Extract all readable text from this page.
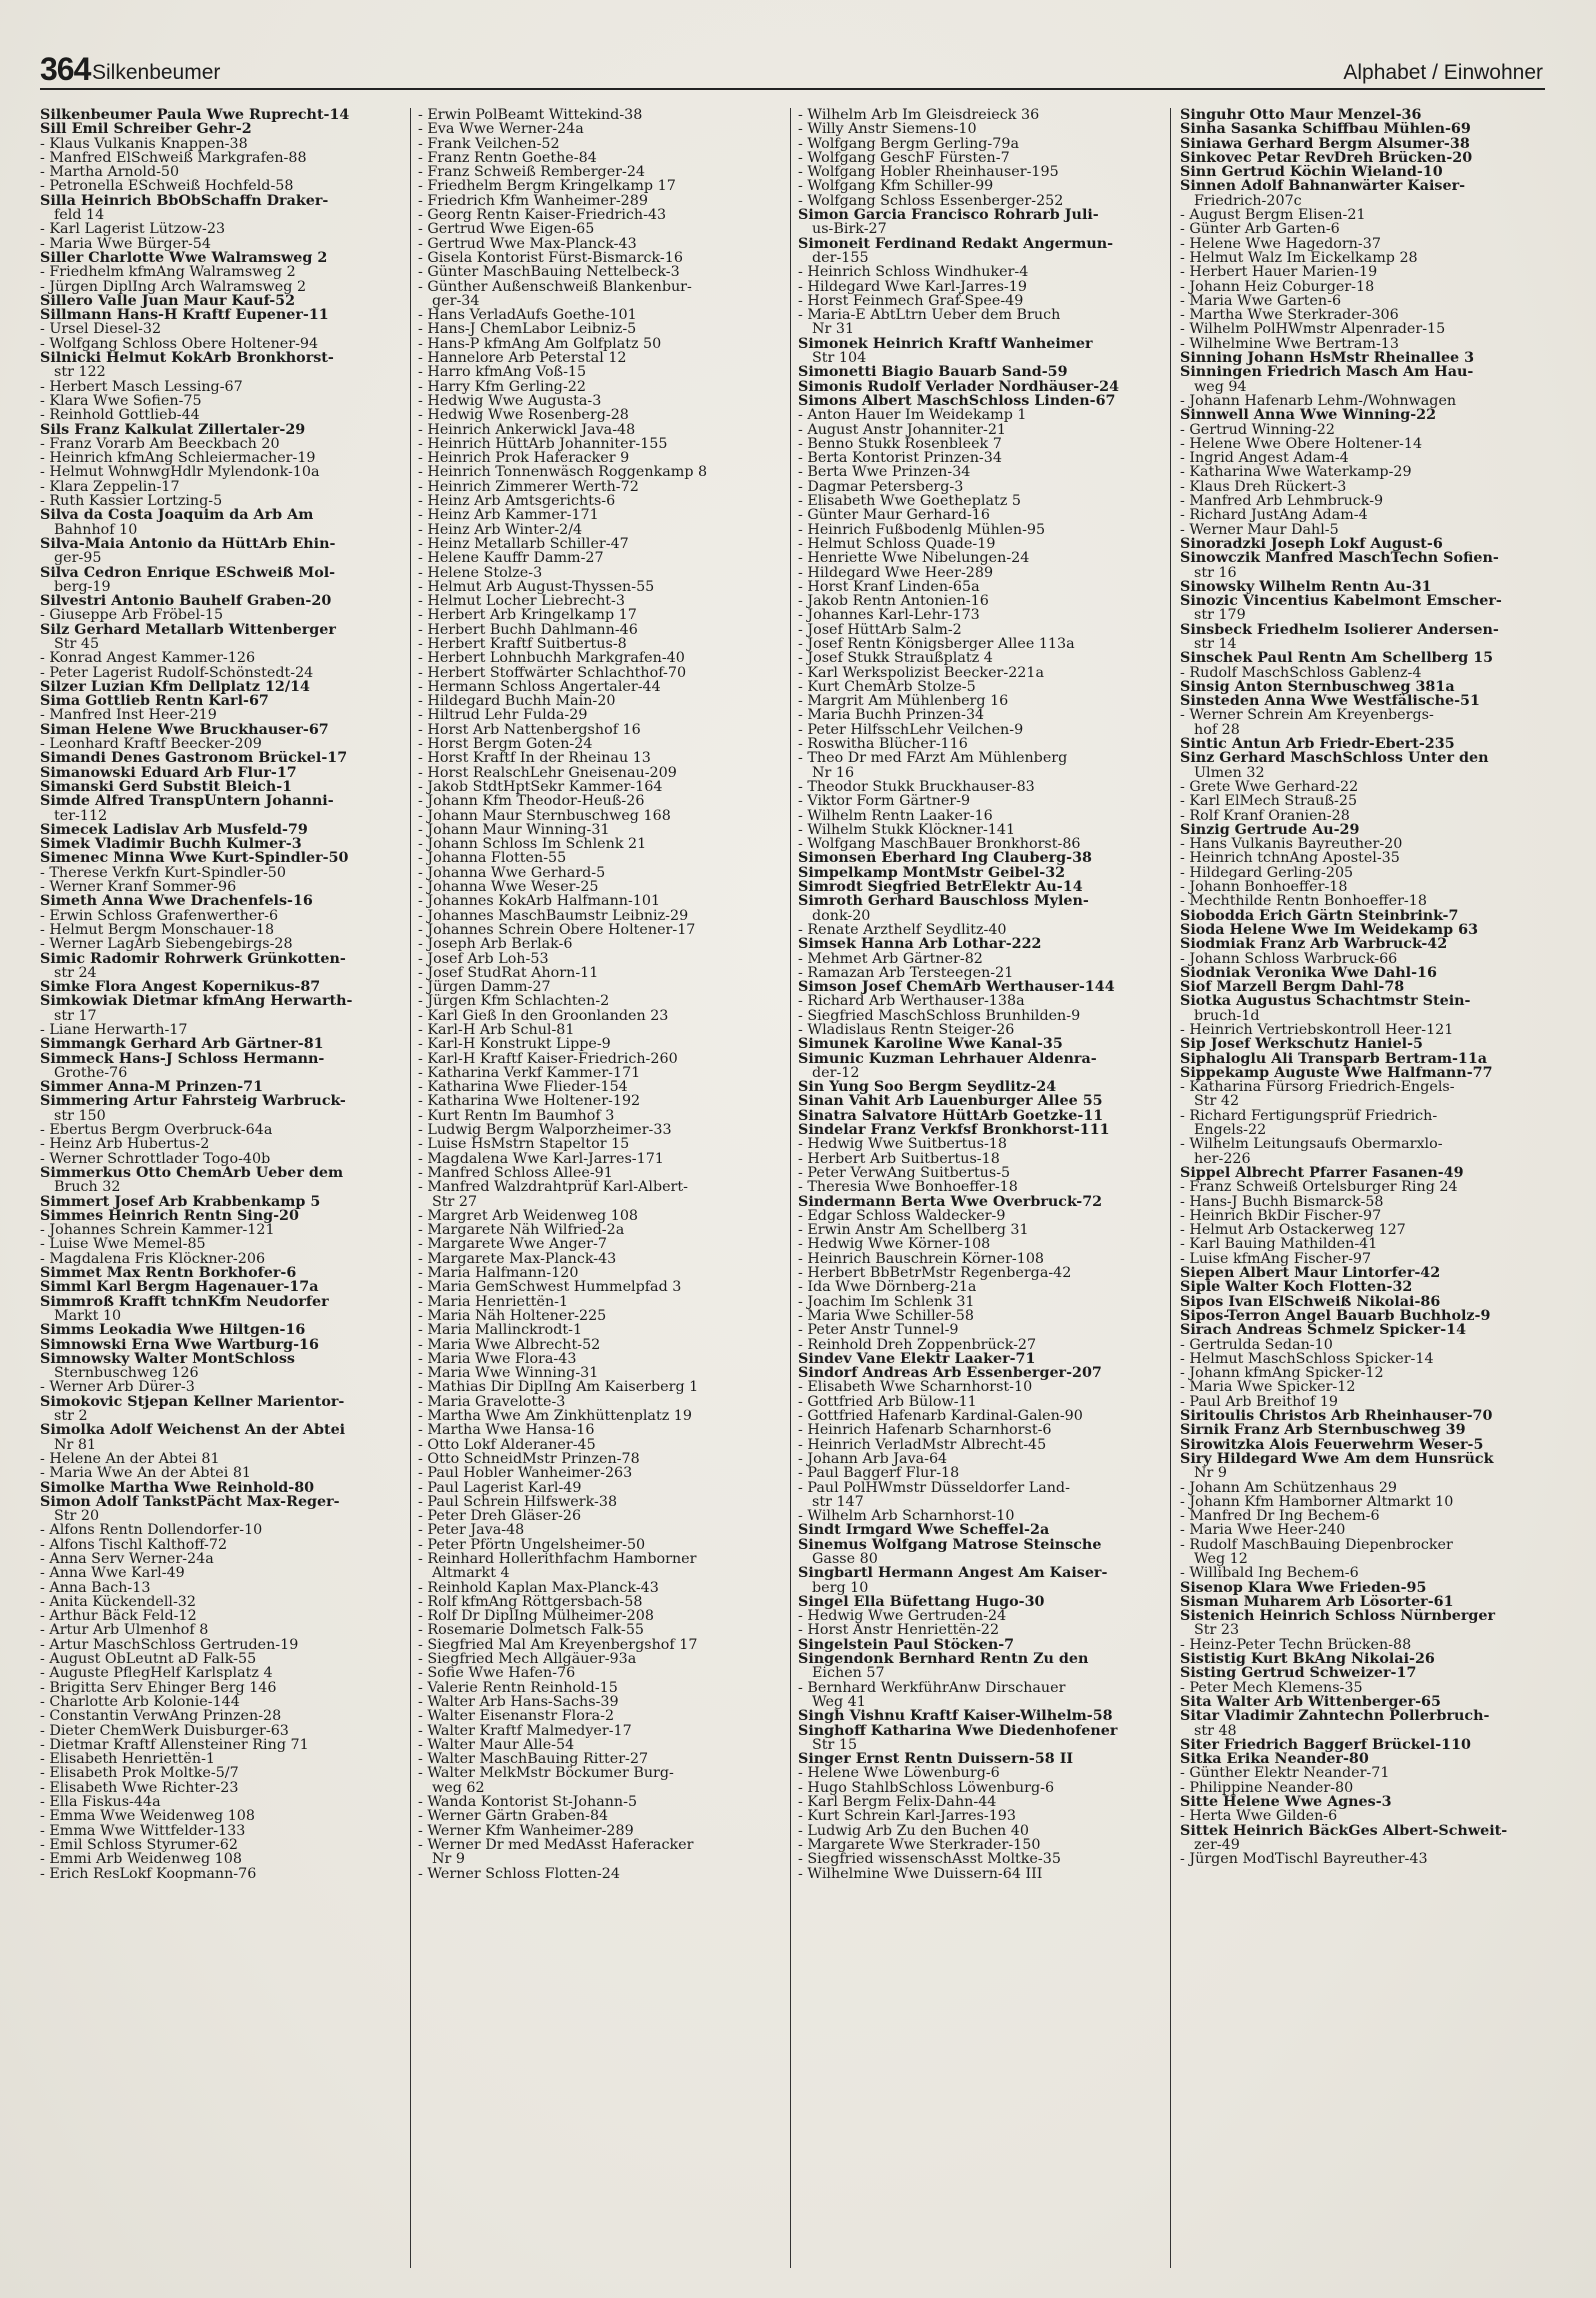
364 Silkenbeumer	Alphabet / Einwohner
Silkenbeumer Paula Wwe Ruprecht-14
Sill Emil Schreiber Gehr-2
- Klaus Vulkanis Knappen-38
- Manfred ElSchweiß Markgrafen-88
- Martha Arnold-50
- Petronella ESchweiß Hochfeld-58
Silla Heinrich BbObSchaffn Draker-
feld 14
- Karl Lagerist Lützow-23
- Maria Wwe Bürger-54
Siller Charlotte Wwe Walramsweg 2
- Friedhelm kfmAng Walramsweg 2
- Jürgen DiplIng Arch Walramsweg 2
Sillero Valle Juan Maur Kauf-52
Sillmann Hans-H Kraftf Eupener-11
- Ursel Diesel-32
- Wolfgang Schloss Obere Holtener-94
Silnicki Helmut KokArb Bronkhorst-
str 122
- Herbert Masch Lessing-67
- Klara Wwe Sofien-75
- Reinhold Gottlieb-44
Sils Franz Kalkulat Zillertaler-29
- Franz Vorarb Am Beeckbach 20
- Heinrich kfmAng Schleiermacher-19
- Helmut WohnwgHdlr Mylendonk-10a
- Klara Zeppelin-17
- Ruth Kassier Lortzing-5
Silva da Costa Joaquim da Arb Am
Bahnhof 10
Silva-Maia Antonio da HüttArb Ehin-
ger-95
Silva Cedron Enrique ESchweiß Mol-
berg-19
Silvestri Antonio Bauhelf Graben-20
- Giuseppe Arb Fröbel-15
Silz Gerhard Metallarb Wittenberger
Str 45
- Konrad Angest Kammer-126
- Peter Lagerist Rudolf-Schönstedt-24
Silzer Luzian Kfm Dellplatz 12/14
Sima Gottlieb Rentn Karl-67
- Manfred Inst Heer-219
Siman Helene Wwe Bruckhauser-67
- Leonhard Kraftf Beecker-209
Simandi Denes Gastronom Brückel-17
Simanowski Eduard Arb Flur-17
Simanski Gerd Substit Bleich-1
Simde Alfred TranspUntern Johanni-
ter-112
Simecek Ladislav Arb Musfeld-79
Simek Vladimir Buchh Kulmer-3
Simenec Minna Wwe Kurt-Spindler-50
- Therese Verkfn Kurt-Spindler-50
- Werner Kranf Sommer-96
Simeth Anna Wwe Drachenfels-16
- Erwin Schloss Grafenwerther-6
- Helmut Bergm Monschauer-18
- Werner LagArb Siebengebirgs-28
Simic Radomir Rohrwerk Grünkotten-
str 24
Simke Flora Angest Kopernikus-87
Simkowiak Dietmar kfmAng Herwarth-
str 17
- Liane Herwarth-17
Simmangk Gerhard Arb Gärtner-81
Simmeck Hans-J Schloss Hermann-
Grothe-76
Simmer Anna-M Prinzen-71
Simmering Artur Fahrsteig Warbruck-
str 150
- Ebertus Bergm Overbruck-64a
- Heinz Arb Hubertus-2
- Werner Schrottlader Togo-40b
Simmerkus Otto ChemArb Ueber dem
Bruch 32
Simmert Josef Arb Krabbenkamp 5
Simmes Heinrich Rentn Sing-20
- Johannes Schrein Kammer-121
- Luise Wwe Memel-85
- Magdalena Fris Klöckner-206
Simmet Max Rentn Borkhofer-6
Simml Karl Bergm Hagenauer-17a
Simmroß Krafft tchnKfm Neudorfer
Markt 10
Simms Leokadia Wwe Hiltgen-16
Simnowski Erna Wwe Wartburg-16
Simnowsky Walter MontSchloss
Sternbuschweg 126
- Werner Arb Dürer-3
Simokovic Stjepan Kellner Marientor-
str 2
Simolka Adolf Weichenst An der Abtei
Nr 81
- Helene An der Abtei 81
- Maria Wwe An der Abtei 81
Simolke Martha Wwe Reinhold-80
Simon Adolf TankstPächt Max-Reger-
Str 20
- Alfons Rentn Dollendorfer-10
- Alfons Tischl Kalthoff-72
- Anna Serv Werner-24a
- Anna Wwe Karl-49
- Anna Bach-13
- Anita Kückendell-32
- Arthur Bäck Feld-12
- Artur Arb Ulmenhof 8
- Artur MaschSchloss Gertruden-19
- August ObLeutnt aD Falk-55
- Auguste PflegHelf Karlsplatz 4
- Brigitta Serv Ehinger Berg 146
- Charlotte Arb Kolonie-144
- Constantin VerwAng Prinzen-28
- Dieter ChemWerk Duisburger-63
- Dietmar Kraftf Allensteiner Ring 71
- Elisabeth Henriettën-1
- Elisabeth Prok Moltke-5/7
- Elisabeth Wwe Richter-23
- Ella Fiskus-44a
- Emma Wwe Weidenweg 108
- Emma Wwe Wittfelder-133
- Emil Schloss Styrumer-62
- Emmi Arb Weidenweg 108
- Erich ResLokf Koopmann-76
- Erwin PolBeamt Wittekind-38
- Eva Wwe Werner-24a
- Frank Veilchen-52
- Franz Rentn Goethe-84
- Franz Schweiß Remberger-24
- Friedhelm Bergm Kringelkamp 17
- Friedrich Kfm Wanheimer-289
- Georg Rentn Kaiser-Friedrich-43
- Gertrud Wwe Eigen-65
- Gertrud Wwe Max-Planck-43
- Gisela Kontorist Fürst-Bismarck-16
- Günter MaschBauing Nettelbeck-3
- Günther Außenschweiß Blankenbur-
ger-34
- Hans VerladAufs Goethe-101
- Hans-J ChemLabor Leibniz-5
- Hans-P kfmAng Am Golfplatz 50
- Hannelore Arb Peterstal 12
- Harro kfmAng Voß-15
- Harry Kfm Gerling-22
- Hedwig Wwe Augusta-3
- Hedwig Wwe Rosenberg-28
- Heinrich Ankerwickl Java-48
- Heinrich HüttArb Johanniter-155
- Heinrich Prok Haferacker 9
- Heinrich Tonnenwäsch Roggenkamp 8
- Heinrich Zimmerer Werth-72
- Heinz Arb Amtsgerichts-6
- Heinz Arb Kammer-171
- Heinz Arb Winter-2/4
- Heinz Metallarb Schiller-47
- Helene Kauffr Damm-27
- Helene Stolze-3
- Helmut Arb August-Thyssen-55
- Helmut Locher Liebrecht-3
- Herbert Arb Kringelkamp 17
- Herbert Buchh Dahlmann-46
- Herbert Kraftf Suitbertus-8
- Herbert Lohnbuchh Markgrafen-40
- Herbert Stoffwärter Schlachthof-70
- Hermann Schloss Angertaler-44
- Hildegard Buchh Main-20
- Hiltrud Lehr Fulda-29
- Horst Arb Nattenbergshof 16
- Horst Bergm Goten-24
- Horst Kraftf In der Rheinau 13
- Horst RealschLehr Gneisenau-209
- Jakob StdtHptSekr Kammer-164
- Johann Kfm Theodor-Heuß-26
- Johann Maur Sternbuschweg 168
- Johann Maur Winning-31
- Johann Schloss Im Schlenk 21
- Johanna Flotten-55
- Johanna Wwe Gerhard-5
- Johanna Wwe Weser-25
- Johannes KokArb Halfmann-101
- Johannes MaschBaumstr Leibniz-29
- Johannes Schrein Obere Holtener-17
- Joseph Arb Berlak-6
- Josef Arb Loh-53
- Josef StudRat Ahorn-11
- Jürgen Damm-27
- Jürgen Kfm Schlachten-2
- Karl Gieß In den Groonlanden 23
- Karl-H Arb Schul-81
- Karl-H Konstrukt Lippe-9
- Karl-H Kraftf Kaiser-Friedrich-260
- Katharina Verkf Kammer-171
- Katharina Wwe Flieder-154
- Katharina Wwe Holtener-192
- Kurt Rentn Im Baumhof 3
- Ludwig Bergm Walporzheimer-33
- Luise HsMstrn Stapeltor 15
- Magdalena Wwe Karl-Jarres-171
- Manfred Schloss Allee-91
- Manfred Walzdrahtprüf Karl-Albert-
Str 27
- Margret Arb Weidenweg 108
- Margarete Näh Wilfried-2a
- Margarete Wwe Anger-7
- Margarete Max-Planck-43
- Maria Halfmann-120
- Maria GemSchwest Hummelpfad 3
- Maria Henriettën-1
- Maria Näh Holtener-225
- Maria Mallinckrodt-1
- Maria Wwe Albrecht-52
- Maria Wwe Flora-43
- Maria Wwe Winning-31
- Mathias Dir DiplIng Am Kaiserberg 1
- Maria Gravelotte-3
- Martha Wwe Am Zinkhüttenplatz 19
- Martha Wwe Hansa-16
- Otto Lokf Alderaner-45
- Otto SchneidMstr Prinzen-78
- Paul Hobler Wanheimer-263
- Paul Lagerist Karl-49
- Paul Schrein Hilfswerk-38
- Peter Dreh Gläser-26
- Peter Java-48
- Peter Pförtn Ungelsheimer-50
- Reinhard Hollerithfachm Hamborner
Altmarkt 4
- Reinhold Kaplan Max-Planck-43
- Rolf kfmAng Röttgersbach-58
- Rolf Dr DiplIng Mülheimer-208
- Rosemarie Dolmetsch Falk-55
- Siegfried Mal Am Kreyenbergshof 17
- Siegfried Mech Allgäuer-93a
- Sofie Wwe Hafen-76
- Valerie Rentn Reinhold-15
- Walter Arb Hans-Sachs-39
- Walter Eisenanstr Flora-2
- Walter Kraftf Malmedyer-17
- Walter Maur Alle-54
- Walter MaschBauing Ritter-27
- Walter MelkMstr Böckumer Burg-
weg 62
- Wanda Kontorist St-Johann-5
- Werner Gärtn Graben-84
- Werner Kfm Wanheimer-289
- Werner Dr med MedAsst Haferacker
Nr 9
- Werner Schloss Flotten-24
- Wilhelm Arb Im Gleisdreieck 36
- Willy Anstr Siemens-10
- Wolfgang Bergm Gerling-79a
- Wolfgang GeschF Fürsten-7
- Wolfgang Hobler Rheinhauser-195
- Wolfgang Kfm Schiller-99
- Wolfgang Schloss Essenberger-252
Simon Garcia Francisco Rohrarb Juli-
us-Birk-27
Simoneit Ferdinand Redakt Angermun-
der-155
- Heinrich Schloss Windhuker-4
- Hildegard Wwe Karl-Jarres-19
- Horst Feinmech Graf-Spee-49
- Maria-E AbtLtrn Ueber dem Bruch
Nr 31
Simonek Heinrich Kraftf Wanheimer
Str 104
Simonetti Biagio Bauarb Sand-59
Simonis Rudolf Verlader Nordhäuser-24
Simons Albert MaschSchloss Linden-67
- Anton Hauer Im Weidekamp 1
- August Anstr Johanniter-21
- Benno Stukk Rosenbleek 7
- Berta Kontorist Prinzen-34
- Berta Wwe Prinzen-34
- Dagmar Petersberg-3
- Elisabeth Wwe Goetheplatz 5
- Günter Maur Gerhard-16
- Heinrich Fußbodenlg Mühlen-95
- Helmut Schloss Quade-19
- Henriette Wwe Nibelungen-24
- Hildegard Wwe Heer-289
- Horst Kranf Linden-65a
- Jakob Rentn Antonien-16
- Johannes Karl-Lehr-173
- Josef HüttArb Salm-2
- Josef Rentn Königsberger Allee 113a
- Josef Stukk Straußplatz 4
- Karl Werkspolizist Beecker-221a
- Kurt ChemArb Stolze-5
- Margrit Am Mühlenberg 16
- Maria Buchh Prinzen-34
- Peter HilfsschLehr Veilchen-9
- Roswitha Blücher-116
- Theo Dr med FArzt Am Mühlenberg
Nr 16
- Theodor Stukk Bruckhauser-83
- Viktor Form Gärtner-9
- Wilhelm Rentn Laaker-16
- Wilhelm Stukk Klöckner-141
- Wolfgang MaschBauer Bronkhorst-86
Simonsen Eberhard Ing Clauberg-38
Simpelkamp MontMstr Geibel-32
Simrodt Siegfried BetrElektr Au-14
Simroth Gerhard Bauschloss Mylen-
donk-20
- Renate Arzthelf Seydlitz-40
Simsek Hanna Arb Lothar-222
- Mehmet Arb Gärtner-82
- Ramazan Arb Tersteegen-21
Simson Josef ChemArb Werthauser-144
- Richard Arb Werthauser-138a
- Siegfried MaschSchloss Brunhilden-9
- Wladislaus Rentn Steiger-26
Simunek Karoline Wwe Kanal-35
Simunic Kuzman Lehrhauer Aldenra-
der-12
Sin Yung Soo Bergm Seydlitz-24
Sinan Vahit Arb Lauenburger Allee 55
Sinatra Salvatore HüttArb Goetzke-11
Sindelar Franz Verkfsf Bronkhorst-111
- Hedwig Wwe Suitbertus-18
- Herbert Arb Suitbertus-18
- Peter VerwAng Suitbertus-5
- Theresia Wwe Bonhoeffer-18
Sindermann Berta Wwe Overbruck-72
- Edgar Schloss Waldecker-9
- Erwin Anstr Am Schellberg 31
- Hedwig Wwe Körner-108
- Heinrich Bauschrein Körner-108
- Herbert BbBetrMstr Regenberga-42
- Ida Wwe Dörnberg-21a
- Joachim Im Schlenk 31
- Maria Wwe Schiller-58
- Peter Anstr Tunnel-9
- Reinhold Dreh Zoppenbrück-27
Sindev Vane Elektr Laaker-71
Sindorf Andreas Arb Essenberger-207
- Elisabeth Wwe Scharnhorst-10
- Gottfried Arb Bülow-11
- Gottfried Hafenarb Kardinal-Galen-90
- Heinrich Hafenarb Scharnhorst-6
- Heinrich VerladMstr Albrecht-45
- Johann Arb Java-64
- Paul Baggerf Flur-18
- Paul PolHWmstr Düsseldorfer Land-
str 147
- Wilhelm Arb Scharnhorst-10
Sindt Irmgard Wwe Scheffel-2a
Sinemus Wolfgang Matrose Steinsche
Gasse 80
Singbartl Hermann Angest Am Kaiser-
berg 10
Singel Ella Büfettang Hugo-30
- Hedwig Wwe Gertruden-24
- Horst Anstr Henriettën-22
Singelstein Paul Stöcken-7
Singendonk Bernhard Rentn Zu den
Eichen 57
- Bernhard WerkführAnw Dirschauer
Weg 41
Singh Vishnu Kraftf Kaiser-Wilhelm-58
Singhoff Katharina Wwe Diedenhofener
Str 15
Singer Ernst Rentn Duissern-58 II
- Helene Wwe Löwenburg-6
- Hugo StahlbSchloss Löwenburg-6
- Karl Bergm Felix-Dahn-44
- Kurt Schrein Karl-Jarres-193
- Ludwig Arb Zu den Buchen 40
- Margarete Wwe Sterkrader-150
- Siegfried wissenschAsst Moltke-35
- Wilhelmine Wwe Duissern-64 III
Singuhr Otto Maur Menzel-36
Sinha Sasanka Schiffbau Mühlen-69
Siniawa Gerhard Bergm Alsumer-38
Sinkovec Petar RevDreh Brücken-20
Sinn Gertrud Köchin Wieland-10
Sinnen Adolf Bahnanwärter Kaiser-
Friedrich-207c
- August Bergm Elisen-21
- Günter Arb Garten-6
- Helene Wwe Hagedorn-37
- Helmut Walz Im Eickelkamp 28
- Herbert Hauer Marien-19
- Johann Heiz Coburger-18
- Maria Wwe Garten-6
- Martha Wwe Sterkrader-306
- Wilhelm PolHWmstr Alpenrader-15
- Wilhelmine Wwe Bertram-13
Sinning Johann HsMstr Rheinallee 3
Sinningen Friedrich Masch Am Hau-
weg 94
- Johann Hafenarb Lehm-/Wohnwagen
Sinnwell Anna Wwe Winning-22
- Gertrud Winning-22
- Helene Wwe Obere Holtener-14
- Ingrid Angest Adam-4
- Katharina Wwe Waterkamp-29
- Klaus Dreh Rückert-3
- Manfred Arb Lehmbruck-9
- Richard JustAng Adam-4
- Werner Maur Dahl-5
Sinoradzki Joseph Lokf August-6
Sinowczik Manfred MaschTechn Sofien-
str 16
Sinowsky Wilhelm Rentn Au-31
Sinozic Vincentius Kabelmont Emscher-
str 179
Sinsbeck Friedhelm Isolierer Andersen-
str 14
Sinschek Paul Rentn Am Schellberg 15
- Rudolf MaschSchloss Gablenz-4
Sinsig Anton Sternbuschweg 381a
Sinsteden Anna Wwe Westfälische-51
- Werner Schrein Am Kreyenbergs-
hof 28
Sintic Antun Arb Friedr-Ebert-235
Sinz Gerhard MaschSchloss Unter den
Ulmen 32
- Grete Wwe Gerhard-22
- Karl ElMech Strauß-25
- Rolf Kranf Oranien-28
Sinzig Gertrude Au-29
- Hans Vulkanis Bayreuther-20
- Heinrich tchnAng Apostel-35
- Hildegard Gerling-205
- Johann Bonhoeffer-18
- Mechthilde Rentn Bonhoeffer-18
Siobodda Erich Gärtn Steinbrink-7
Sioda Helene Wwe Im Weidekamp 63
Siodmiak Franz Arb Warbruck-42
- Johann Schloss Warbruck-66
Siodniak Veronika Wwe Dahl-16
Siof Marzell Bergm Dahl-78
Siotka Augustus Schachtmstr Stein-
bruch-1d
- Heinrich Vertriebskontroll Heer-121
Sip Josef Werkschutz Haniel-5
Siphaloglu Ali Transparb Bertram-11a
Sippekamp Auguste Wwe Halfmann-77
- Katharina Fürsorg Friedrich-Engels-
Str 42
- Richard Fertigungsprüf Friedrich-
Engels-22
- Wilhelm Leitungsaufs Obermarxlo-
her-226
Sippel Albrecht Pfarrer Fasanen-49
- Franz Schweiß Ortelsburger Ring 24
- Hans-J Buchh Bismarck-58
- Heinrich BkDir Fischer-97
- Helmut Arb Ostackerweg 127
- Karl Bauing Mathilden-41
- Luise kfmAng Fischer-97
Siepen Albert Maur Lintorfer-42
Siple Walter Koch Flotten-32
Sipos Ivan ElSchweiß Nikolai-86
Sipos-Terron Angel Bauarb Buchholz-9
Sirach Andreas Schmelz Spicker-14
- Gertrulda Sedan-10
- Helmut MaschSchloss Spicker-14
- Johann kfmAng Spicker-12
- Maria Wwe Spicker-12
- Paul Arb Breithof 19
Siritoulis Christos Arb Rheinhauser-70
Sirnik Franz Arb Sternbuschweg 39
Sirowitzka Alois Feuerwehrm Weser-5
Siry Hildegard Wwe Am dem Hunsrück
Nr 9
- Johann Am Schützenhaus 29
- Johann Kfm Hamborner Altmarkt 10
- Manfred Dr Ing Bechem-6
- Maria Wwe Heer-240
- Rudolf MaschBauing Diepenbrocker
Weg 12
- Willibald Ing Bechem-6
Sisenop Klara Wwe Frieden-95
Sisman Muharem Arb Lösorter-61
Sistenich Heinrich Schloss Nürnberger
Str 23
- Heinz-Peter Techn Brücken-88
Sististig Kurt BkAng Nikolai-26
Sisting Gertrud Schweizer-17
- Peter Mech Klemens-35
Sita Walter Arb Wittenberger-65
Sitar Vladimir Zahntechn Pollerbruch-
str 48
Siter Friedrich Baggerf Brückel-110
Sitka Erika Neander-80
- Günther Elektr Neander-71
- Philippine Neander-80
Sitte Helene Wwe Agnes-3
- Herta Wwe Gilden-6
Sittek Heinrich BäckGes Albert-Schweit-
zer-49
- Jürgen ModTischl Bayreuther-43
